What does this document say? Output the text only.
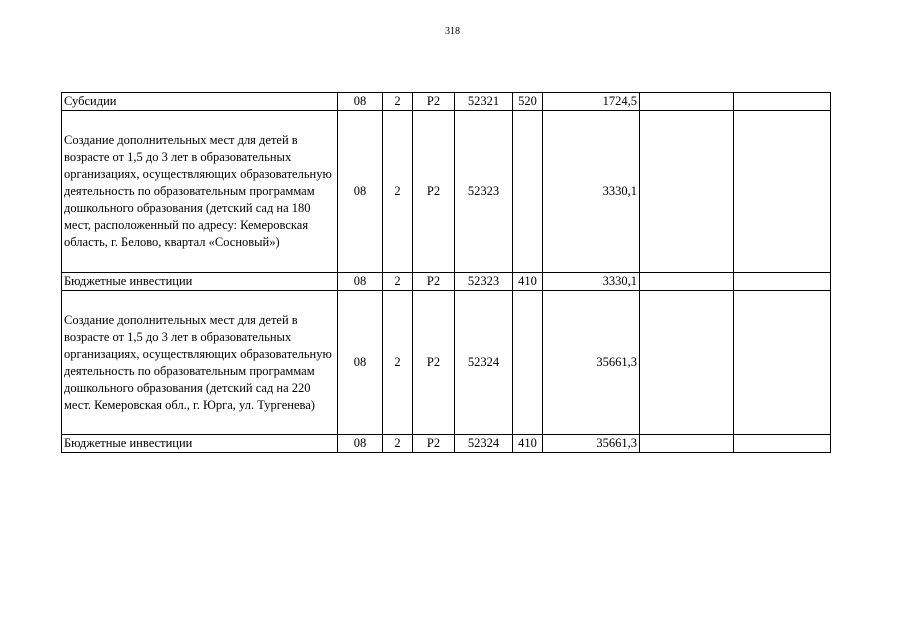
318
Субсидии	08	2	Р2	52321	520	1724,5		
Создание дополнительных мест для детей в возрасте от 1,5 до 3 лет в образовательных организациях, осуществляющих образовательную деятельность по образовательным программам дошкольного образования (детский сад на 180 мест, расположенный по адресу: Кемеровская область, г. Белово, квартал «Сосновый»)	08	2	Р2	52323		3330,1		
Бюджетные инвестиции	08	2	Р2	52323	410	3330,1		
Создание дополнительных мест для детей в возрасте от 1,5 до 3 лет в образовательных организациях, осуществляющих образовательную деятельность по образовательным программам дошкольного образования (детский сад на 220 мест. Кемеровская обл., г. Юрга, ул. Тургенева)	08	2	Р2	52324		35661,3		
Бюджетные инвестиции	08	2	Р2	52324	410	35661,3		
